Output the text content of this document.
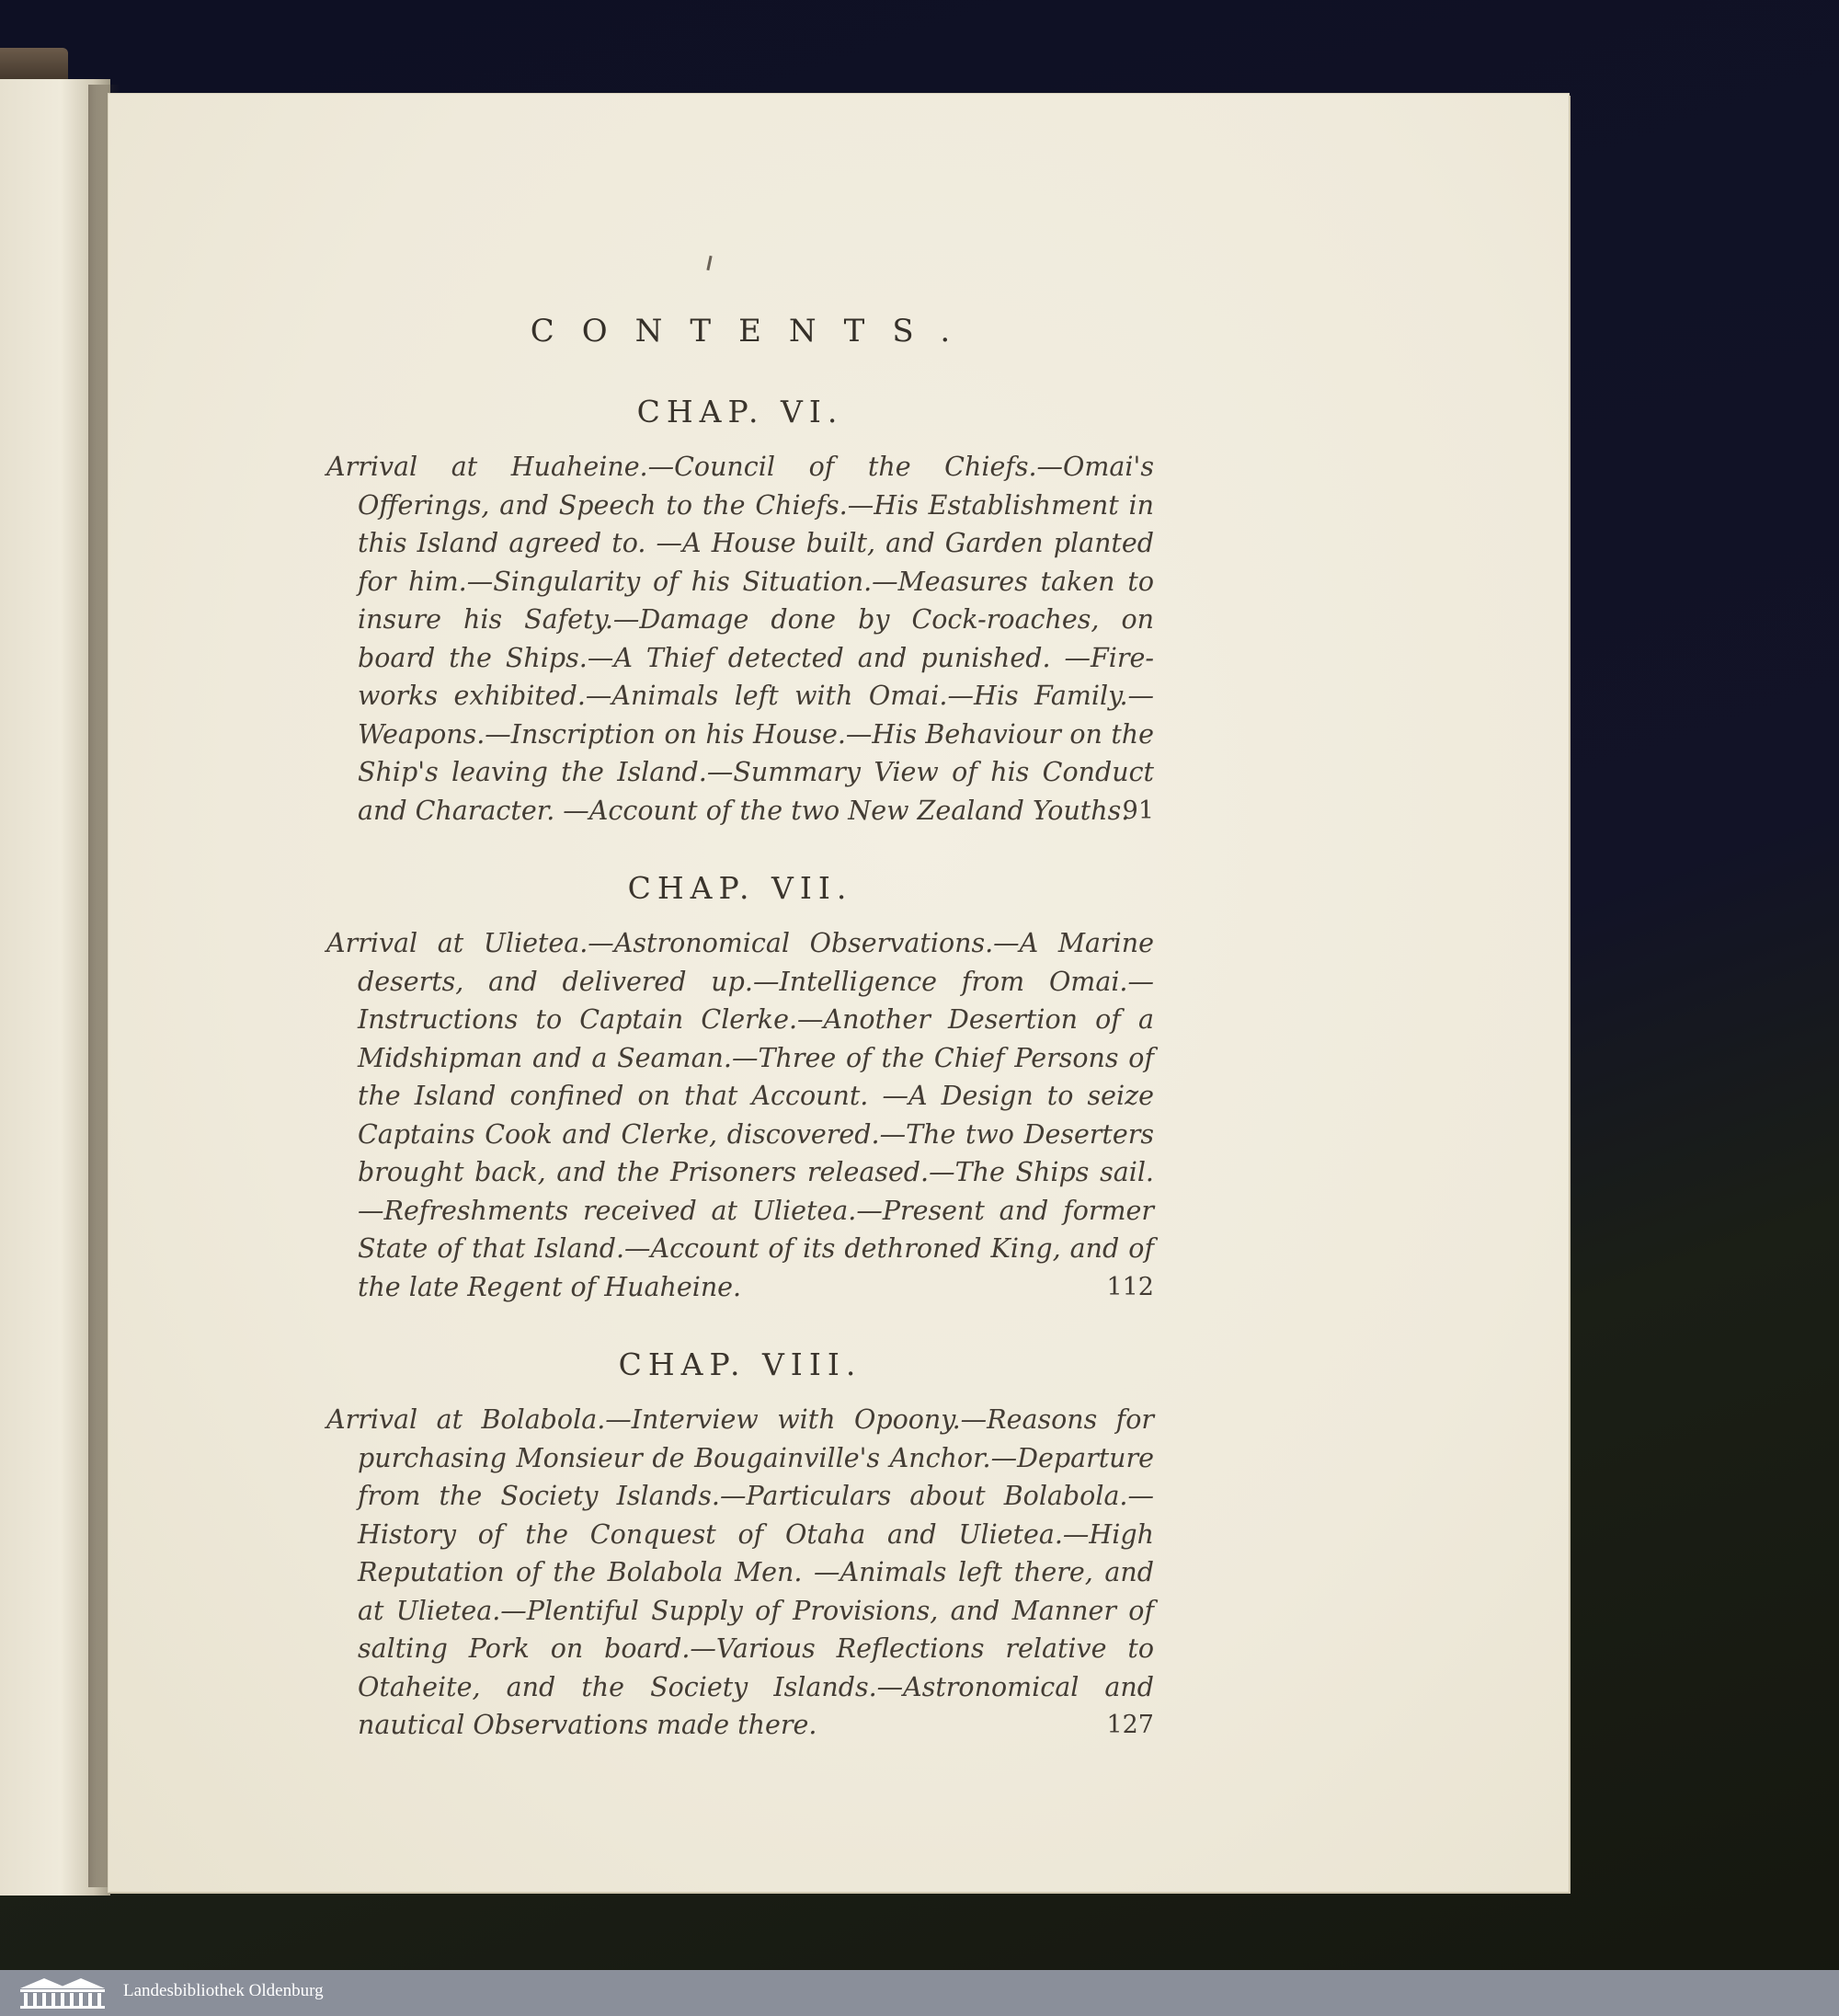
CONTENTS.
CHAP. VI.

Arrival at Huaheine.—Council of the Chiefs.—Omai's Offerings, and Speech to the Chiefs.—His Establishment in this Island agreed to. —A House built, and Garden planted for him.—Singularity of his Situation.—Measures taken to insure his Safety.—Damage done by Cock-roaches, on board the Ships.—A Thief detected and punished. —Fire-works exhibited.—Animals left with Omai.—His Family.—Weapons.—Inscription on his House.—His Behaviour on the Ship's leaving the Island.—Summary View of his Conduct and Character. —Account of the two New Zealand Youths.
91

CHAP. VII.

Arrival at Ulietea.—Astronomical Observations.—A Marine deserts, and delivered up.—Intelligence from Omai.—Instructions to Captain Clerke.—Another Desertion of a Midshipman and a Seaman.—Three of the Chief Persons of the Island confined on that Account. —A Design to seize Captains Cook and Clerke, discovered.—The two Deserters brought back, and the Prisoners released.—The Ships sail.—Refreshments received at Ulietea.—Present and former State of that Island.—Account of its dethroned King, and of the late Regent of Huaheine.	112

CHAP. VIII.

Arrival at Bolabola.—Interview with Opoony.—Reasons for purchasing Monsieur de Bougainville's Anchor.—Departure from the Society Islands.—Particulars about Bolabola.—History of the Conquest of Otaha and Ulietea.—High Reputation of the Bolabola Men. —Animals left there, and at Ulietea.—Plentiful Supply of Provisions, and Manner of salting Pork on board.—Various Reflections relative to Otaheite, and the Society Islands.—Astronomical and nautical Observations made there.	127

Landesbibliothek Oldenburg
